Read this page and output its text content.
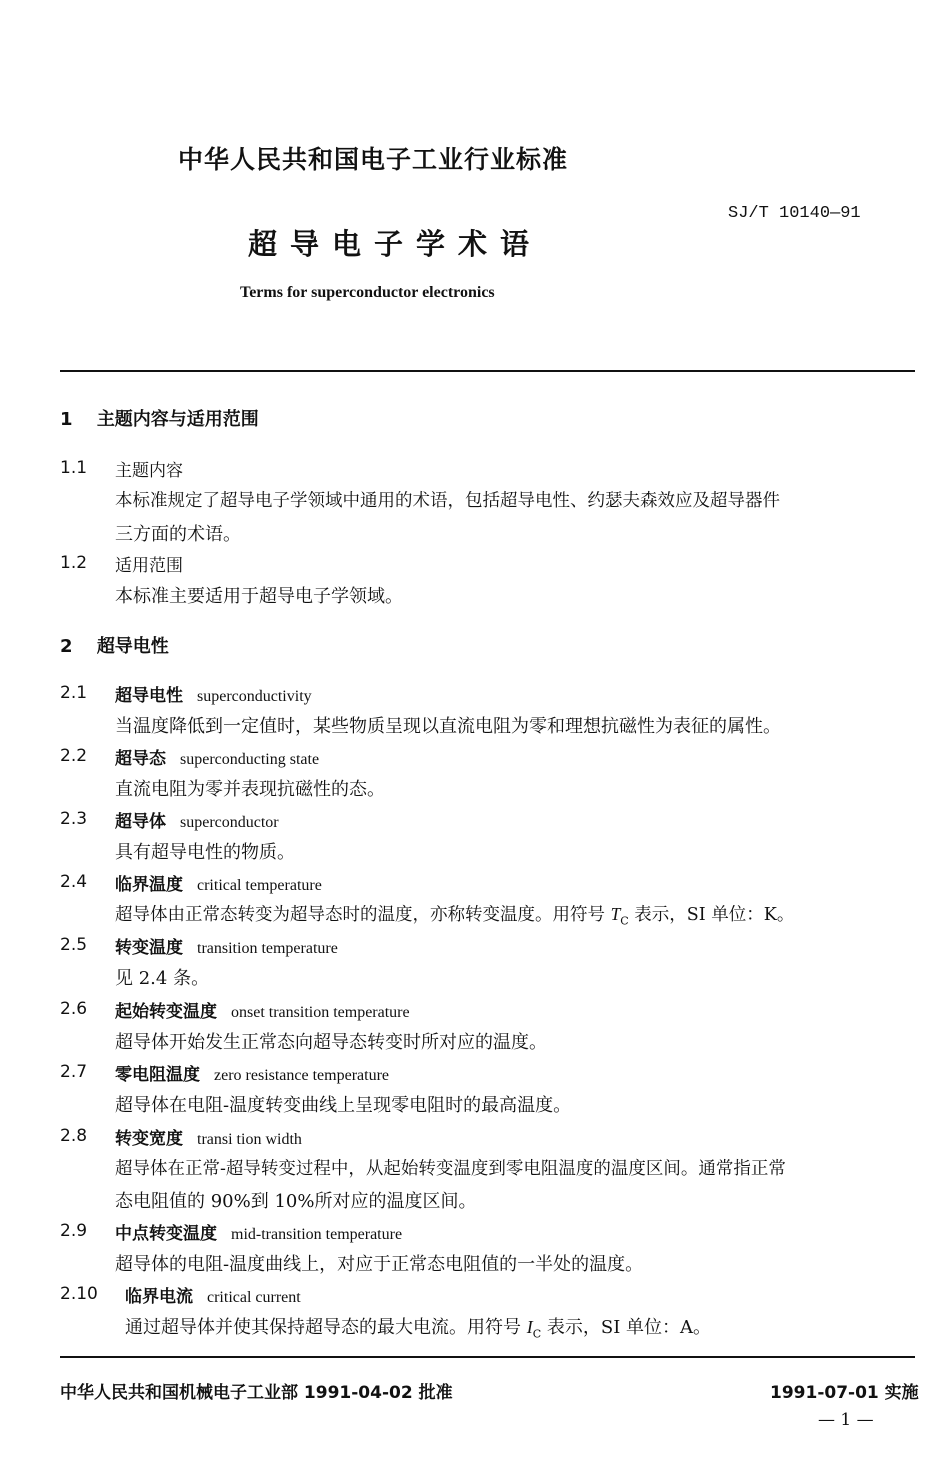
中华人民共和国电子工业行业标准
SJ/T 10140—91
超导电子学术语
Terms for superconductor electronics
1 主题内容与适用范围
1.1 主题内容
本标准规定了超导电子学领域中通用的术语，包括超导电性、约瑟夫森效应及超导器件
三方面的术语。
1.2 适用范围
本标准主要适用于超导电子学领域。
2 超导电性
2.1 超导电性 superconductivity
当温度降低到一定值时，某些物质呈现以直流电阻为零和理想抗磁性为表征的属性。
2.2 超导态 superconducting state
直流电阻为零并表现抗磁性的态。
2.3 超导体 superconductor
具有超导电性的物质。
2.4 临界温度 critical temperature
超导体由正常态转变为超导态时的温度，亦称转变温度。用符号 $T_C$ 表示，SI 单位：K。
2.5 转变温度 transition temperature
见 2.4 条。
2.6 起始转变温度 onset transition temperature
超导体开始发生正常态向超导态转变时所对应的温度。
2.7 零电阻温度 zero resistance temperature
超导体在电阻-温度转变曲线上呈现零电阻时的最高温度。
2.8 转变宽度 transi tion width
超导体在正常-超导转变过程中，从起始转变温度到零电阻温度的温度区间。通常指正常
态电阻值的 90%到 10%所对应的温度区间。
2.9 中点转变温度 mid-transition temperature
超导体的电阻-温度曲线上，对应于正常态电阻值的一半处的温度。
2.10 临界电流 critical current
通过超导体并使其保持超导态的最大电流。用符号 $I_C$ 表示，SI 单位：A。
中华人民共和国机械电子工业部 1991-04-02 批准	1991-07-01 实施
— 1 —
